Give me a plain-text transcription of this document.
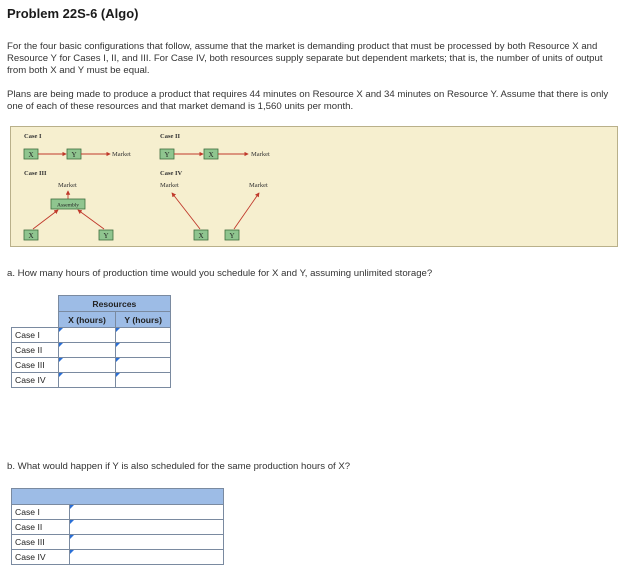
Problem 22S-6 (Algo)

For the four basic configurations that follow, assume that the market is demanding product that must be processed by both Resource X and Resource Y for Cases I, II, and III. For Case IV, both resources supply separate but dependent markets; that is, the number of units of output from both X and Y must be equal.

Plans are being made to produce a product that requires 44 minutes on Resource X and 34 minutes on Resource Y. Assume that there is only one of each of these resources and that market demand is 1,560 units per month.

Case I
X	Y	Market
Case II
Y	X	Market
Case III
Market
Assembly
X	Y
Case IV
Market	Market
X	Y
a. How many hours of production time would you schedule for X and Y, assuming unlimited storage?
	Resources	
	X (hours)	Y (hours)
Case I	

Case II	

Case III	

Case IV	

b. What would happen if Y is also scheduled for the same production hours of X?

Case I	

Case II	

Case III	

Case IV	
